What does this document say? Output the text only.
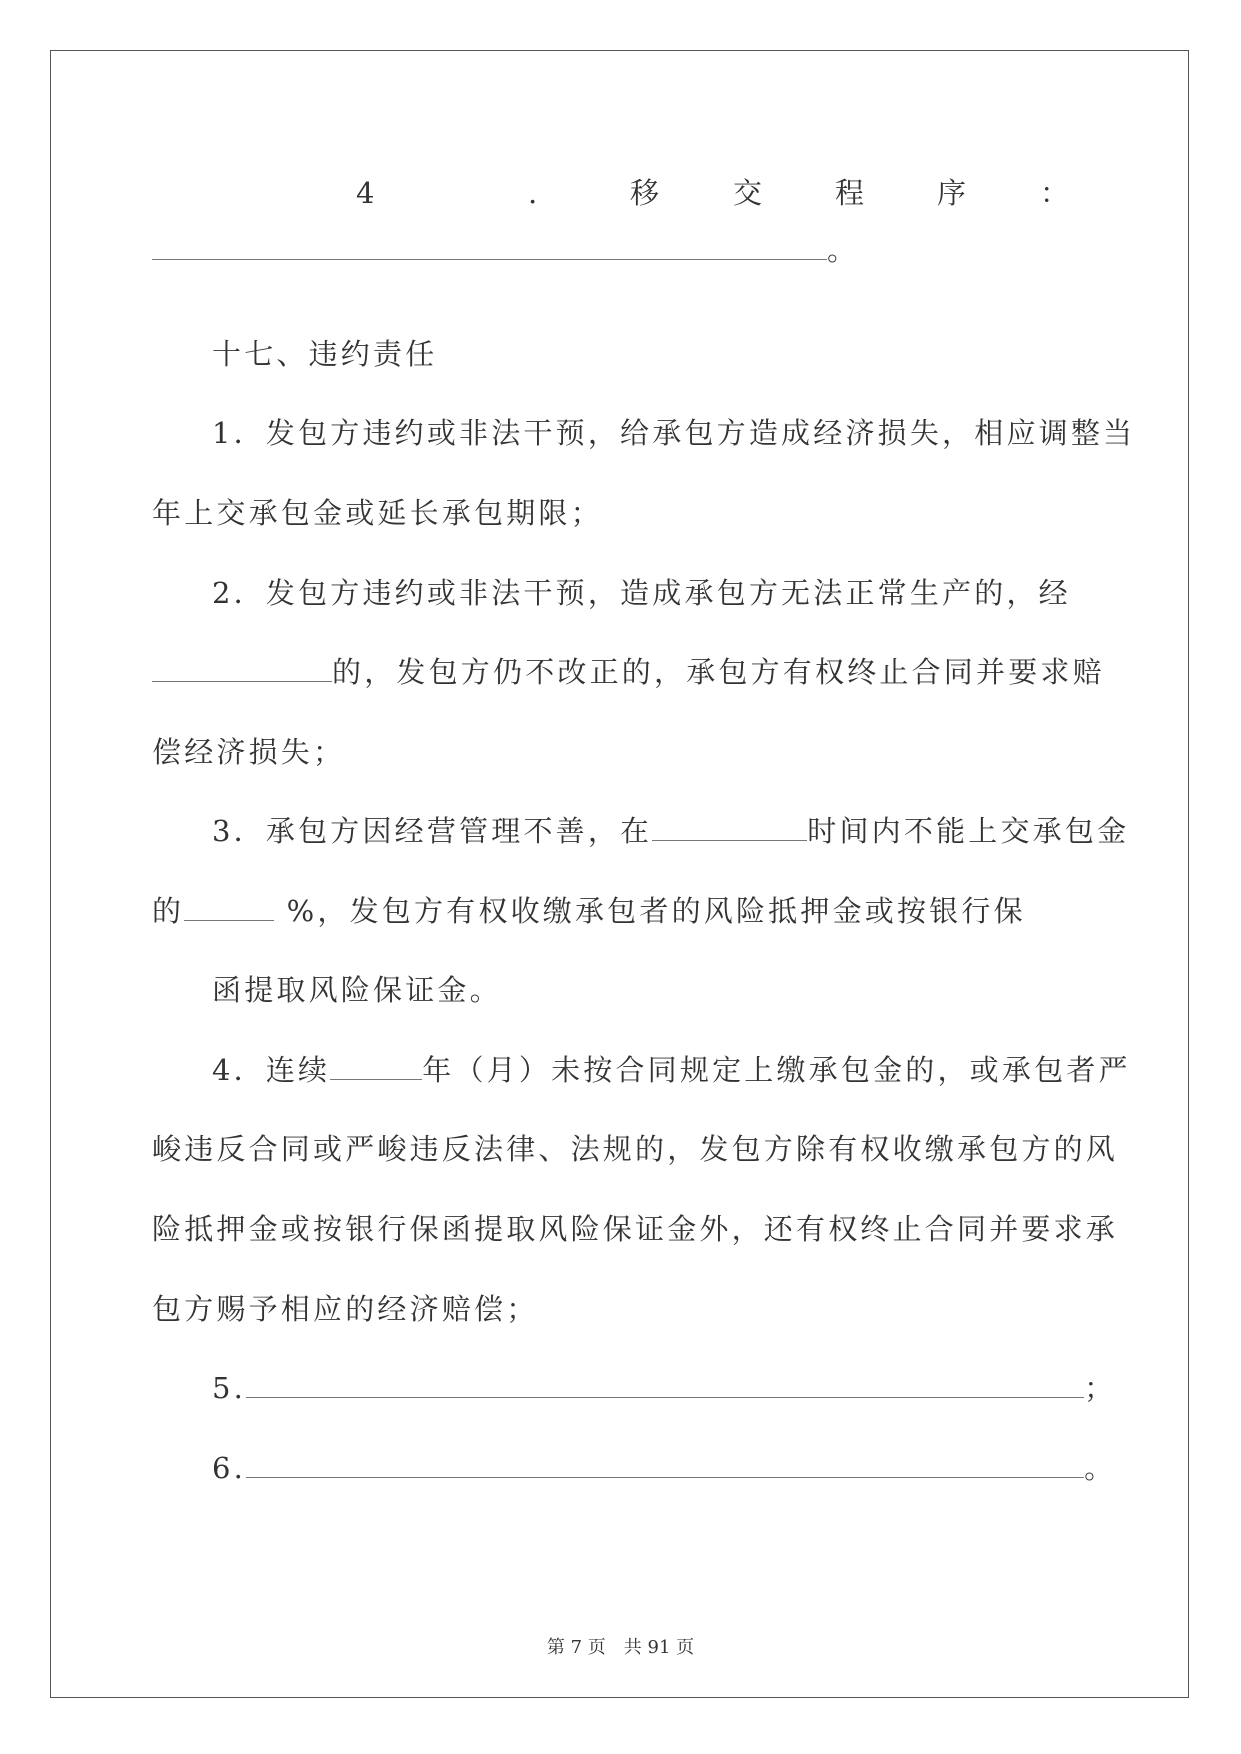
4	.	移	交	程	序	：
。
十七、违约责任
1．发包方违约或非法干预，给承包方造成经济损失，相应调整当
年上交承包金或延长承包期限；
2．发包方违约或非法干预，造成承包方无法正常生产的，经
的，发包方仍不改正的，承包方有权终止合同并要求赔
偿经济损失；
3．承包方因经营管理不善，在	时间内不能上交承包金
的	%，发包方有权收缴承包者的风险抵押金或按银行保
函提取风险保证金。
4．连续	年（月）未按合同规定上缴承包金的，或承包者严
峻违反合同或严峻违反法律、法规的，发包方除有权收缴承包方的风
险抵押金或按银行保函提取风险保证金外，还有权终止合同并要求承
包方赐予相应的经济赔偿；
5.	；
6.	。
第 7 页　共 91 页
